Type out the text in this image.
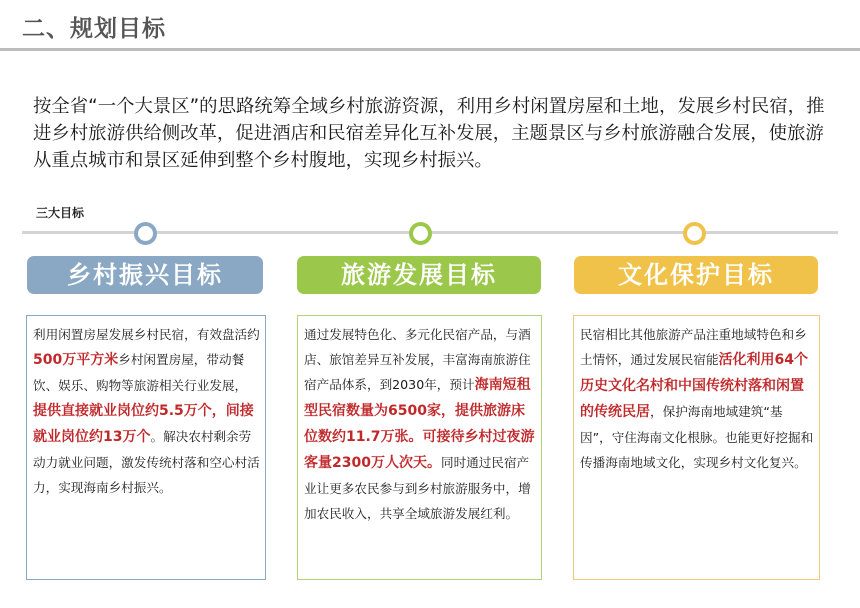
二、规划目标
按全省“一个大景区”的思路统筹全域乡村旅游资源，利用乡村闲置房屋和土地，发展乡村民宿，推进乡村旅游供给侧改革，促进酒店和民宿差异化互补发展，主题景区与乡村旅游融合发展，使旅游从重点城市和景区延伸到整个乡村腹地，实现乡村振兴。
三大目标
乡村振兴目标	旅游发展目标	文化保护目标
利用闲置房屋发展乡村民宿，有效盘活约500万平方米乡村闲置房屋，带动餐饮、娱乐、购物等旅游相关行业发展，提供直接就业岗位约5.5万个，间接就业岗位约13万个。解决农村剩余劳动力就业问题，激发传统村落和空心村活力，实现海南乡村振兴。
通过发展特色化、多元化民宿产品，与酒店、旅馆差异互补发展，丰富海南旅游住宿产品体系，到2030年，预计海南短租型民宿数量为6500家，提供旅游床位数约11.7万张。可接待乡村过夜游客量2300万人次天。同时通过民宿产业让更多农民参与到乡村旅游服务中，增加农民收入，共享全域旅游发展红利。
民宿相比其他旅游产品注重地域特色和乡土情怀，通过发展民宿能活化利用64个历史文化名村和中国传统村落和闲置的传统民居，保护海南地域建筑“基因”，守住海南文化根脉。也能更好挖掘和传播海南地域文化，实现乡村文化复兴。
